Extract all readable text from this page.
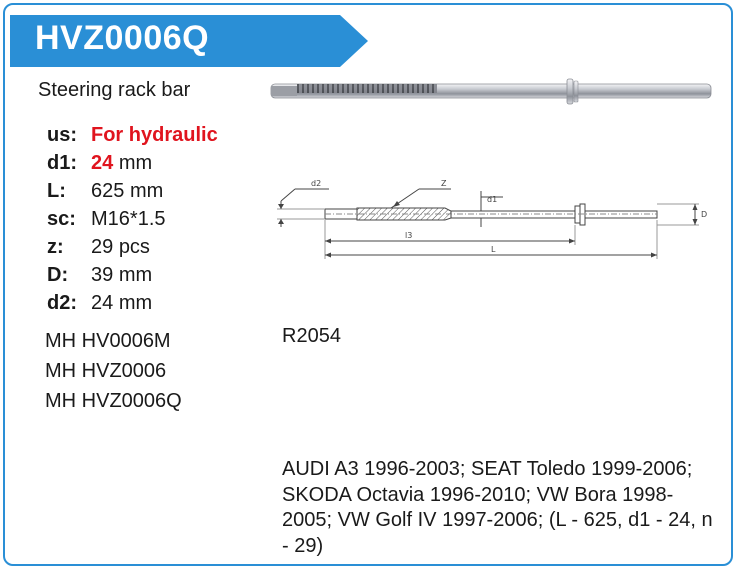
HVZ0006Q
Steering rack bar
us: For hydraulic
d1: 24 mm
L: 625 mm
sc: M16*1.5
z: 29 pcs
D: 39 mm
d2: 24 mm
MH HV0006M
MH HVZ0006
MH HVZ0006Q
R2054
AUDI A3 1996-2003; SEAT Toledo 1999-2006; SKODA Octavia 1996-2010; VW Bora 1998-2005; VW Golf IV 1997-2006; (L - 625, d1 - 24, n - 29)
d2	Z
d1
l3
L
D
